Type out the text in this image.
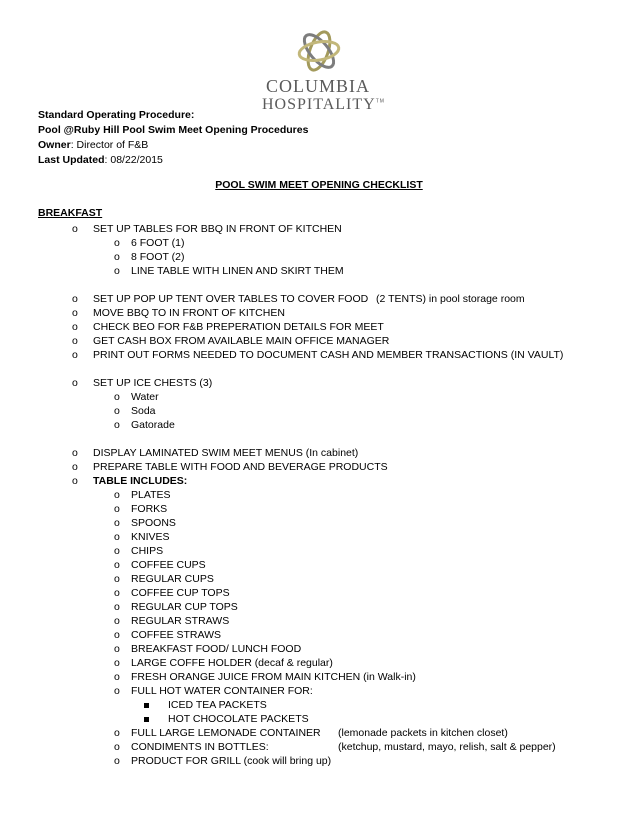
COLUMBIA
HOSPITALITY™
Standard Operating Procedure:
Pool @Ruby Hill Pool Swim Meet Opening Procedures
Owner: Director of F&B
Last Updated: 08/22/2015
POOL SWIM MEET OPENING CHECKLIST
BREAKFAST
o SET UP TABLES FOR BBQ IN FRONT OF KITCHEN
o 6 FOOT (1)
o 8 FOOT (2)
o LINE TABLE WITH LINEN AND SKIRT THEM
o SET UP POP UP TENT OVER TABLES TO COVER FOOD (2 TENTS) in pool storage room
o MOVE BBQ TO IN FRONT OF KITCHEN
o CHECK BEO FOR F&B PREPERATION DETAILS FOR MEET
o GET CASH BOX FROM AVAILABLE MAIN OFFICE MANAGER
o PRINT OUT FORMS NEEDED TO DOCUMENT CASH AND MEMBER TRANSACTIONS (IN VAULT)
o SET UP ICE CHESTS (3)
o Water
o Soda
o Gatorade
o DISPLAY LAMINATED SWIM MEET MENUS (In cabinet)
o PREPARE TABLE WITH FOOD AND BEVERAGE PRODUCTS
o TABLE INCLUDES:
o PLATES
o FORKS
o SPOONS
o KNIVES
o CHIPS
o COFFEE CUPS
o REGULAR CUPS
o COFFEE CUP TOPS
o REGULAR CUP TOPS
o REGULAR STRAWS
o COFFEE STRAWS
o BREAKFAST FOOD/ LUNCH FOOD
o LARGE COFFE HOLDER (decaf & regular)
o FRESH ORANGE JUICE FROM MAIN KITCHEN (in Walk-in)
o FULL HOT WATER CONTAINER FOR:
ICED TEA PACKETS
HOT CHOCOLATE PACKETS
o FULL LARGE LEMONADE CONTAINER (lemonade packets in kitchen closet)
o CONDIMENTS IN BOTTLES:	(ketchup, mustard, mayo, relish, salt & pepper)
o PRODUCT FOR GRILL (cook will bring up)
